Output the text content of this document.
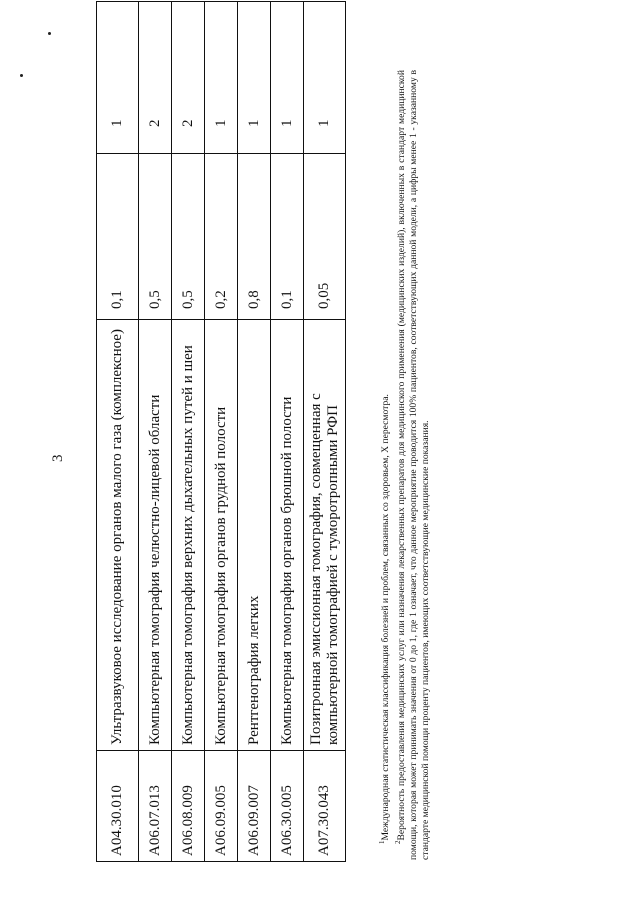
3
A04.30.010	Ультразвуковое исследование органов малого газа (комплексное)	0,1	1
A06.07.013	Компьютерная томография челюстно-лицевой области	0,5	2
A06.08.009	Компьютерная томография верхних дыхательных путей и шеи	0,5	2
A06.09.005	Компьютерная томография органов грудной полости	0,2	1
A06.09.007	Рентгенография легких	0,8	1
A06.30.005	Компьютерная томография органов брюшной полости	0,1	1
A07.30.043	Позитронная эмиссионная томография, совмещенная с компьютерной томографией с туморотропными РФП	0,05	1

$^1$Международная статистическая классификация болезней и проблем, связанных со здоровьем, X пересмотра.

$^2$Вероятность предоставления медицинских услуг или назначения лекарственных препаратов для медицинского применения (медицинских изделий), включенных в стандарт медицинской помощи, которая может принимать значения от 0 до 1, где 1 означает, что данное мероприятие проводится 100% пациентов, соответствующих данной модели, а цифры менее 1 - указанному в стандарте медицинской помощи проценту пациентов, имеющих соответствующие медицинские показания.
